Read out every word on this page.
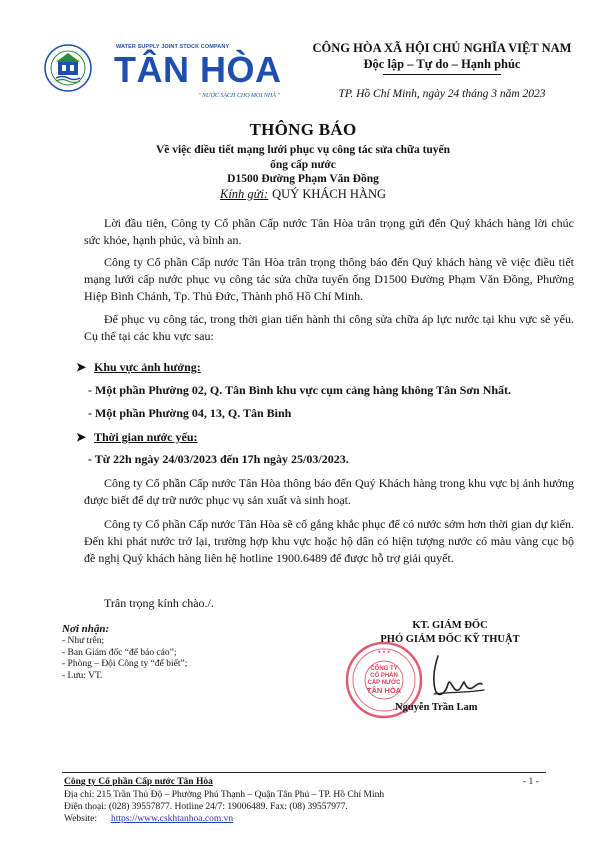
WATER SUPPLY JOINT STOCK COMPANY
TÂN HÒA
" NƯỚC SẠCH CHO MỌI NHÀ "
CÔNG HÒA XÃ HỘI CHỦ NGHĨA VIỆT NAM
Độc lập – Tự do – Hạnh phúc
TP. Hồ Chí Minh, ngày 24 tháng 3 năm 2023
THÔNG BÁO
Về việc điều tiết mạng lưới phục vụ công tác sửa chữa tuyến ống cấp nước
D1500 Đường Phạm Văn Đồng
Kính gửi: QUÝ KHÁCH HÀNG
Lời đầu tiên, Công ty Cổ phần Cấp nước Tân Hòa trân trọng gửi đến Quý khách hàng lời chúc sức khỏe, hạnh phúc, và bình an.
Công ty Cổ phần Cấp nước Tân Hòa trân trọng thông báo đến Quý khách hàng về việc điều tiết mạng lưới cấp nước phục vụ công tác sửa chữa tuyến ống D1500 Đường Phạm Văn Đồng, Phường Hiệp Bình Chánh, Tp. Thủ Đức, Thành phố Hồ Chí Minh.
Để phục vụ công tác, trong thời gian tiến hành thi công sửa chữa áp lực nước tại khu vực sẽ yếu. Cụ thể tại các khu vực sau:
➤ Khu vực ảnh hưởng:
- Một phần Phường 02, Q. Tân Bình khu vực cụm cảng hàng không Tân Sơn Nhất.
- Một phần Phường 04, 13, Q. Tân Bình
➤ Thời gian nước yếu:
- Từ 22h ngày 24/03/2023 đến 17h ngày 25/03/2023.
Công ty Cổ phần Cấp nước Tân Hòa thông báo đến Quý Khách hàng trong khu vực bị ảnh hưởng được biết để dự trữ nước phục vụ sản xuất và sinh hoạt.
Công ty Cổ phần Cấp nước Tân Hòa sẽ cố gắng khắc phục để có nước sớm hơn thời gian dự kiến. Đến khi phát nước trở lại, trường hợp khu vực hoặc hộ dân có hiện tượng nước có màu vàng cục bộ đề nghị Quý khách hàng liên hệ hotline 1900.6489 để được hỗ trợ giải quyết.
Trân trọng kính chào./.
Nơi nhận:
- Như trên;
- Ban Giám đốc “để báo cáo”;
- Phòng – Đội Công ty “để biết”;
- Lưu: VT.
KT. GIÁM ĐỐC
PHÓ GIÁM ĐỐC KỸ THUẬT
CÔNG TY
CỔ PHẦN
CẤP NƯỚC
TÂN HÒA
★ ★ ★
Nguyễn Trần Lam
Công ty Cổ phần Cấp nước Tân Hòa	- 1 -
Địa chỉ: 215 Trần Thủ Độ – Phường Phú Thạnh – Quận Tân Phú – TP. Hồ Chí Minh
Điện thoại: (028) 39557877. Hotline 24/7: 19006489. Fax: (08) 39557977.
Website: https://www.cskhtanhoa.com.vn
